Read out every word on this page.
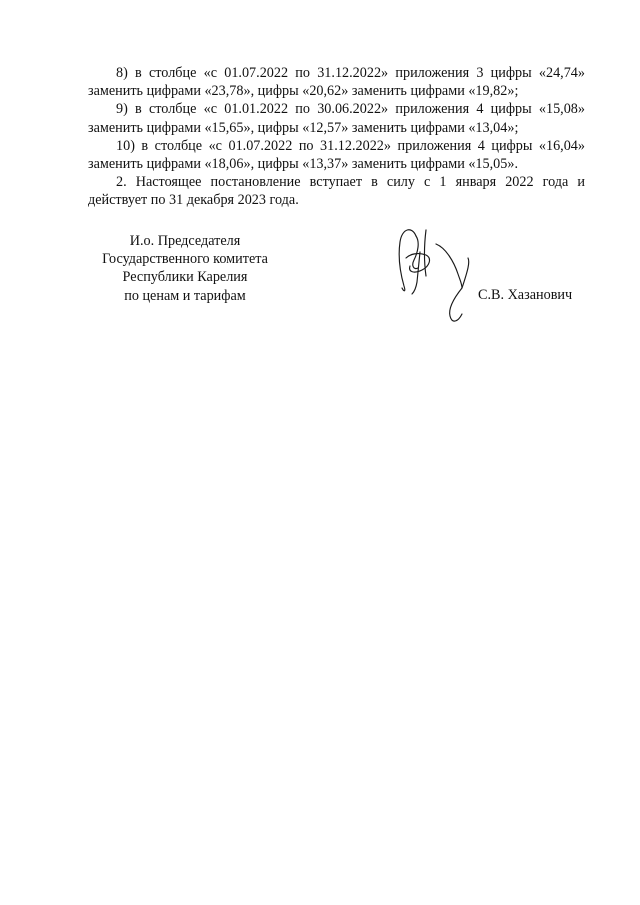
8) в столбце «с 01.07.2022 по 31.12.2022» приложения 3 цифры «24,74» заменить цифрами «23,78», цифры «20,62» заменить цифрами «19,82»;

9) в столбце «с 01.01.2022 по 30.06.2022» приложения 4 цифры «15,08» заменить цифрами «15,65», цифры «12,57» заменить цифрами «13,04»;

10) в столбце «с 01.07.2022 по 31.12.2022» приложения 4 цифры «16,04» заменить цифрами «18,06», цифры «13,37» заменить цифрами «15,05».

2. Настоящее постановление вступает в силу с 1 января 2022 года и действует по 31 декабря 2023 года.

И.о. Председателя
Государственного комитета
Республики Карелия
по ценам и тарифам	С.В. Хазанович
